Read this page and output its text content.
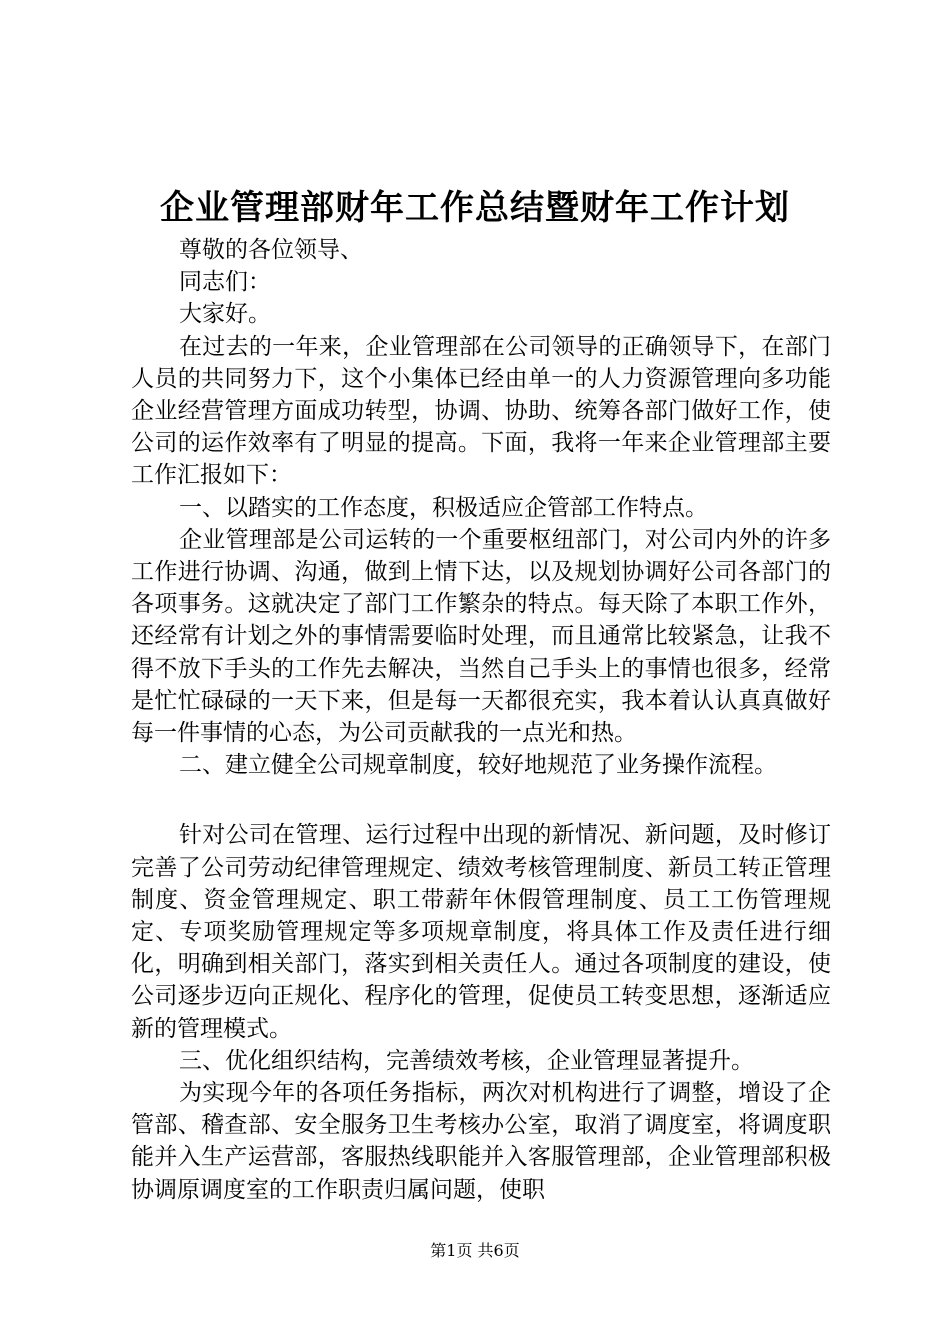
企业管理部财年工作总结暨财年工作计划

尊敬的各位领导、

同志们：

大家好。

在过去的一年来，企业管理部在公司领导的正确领导下，在部门人员的共同努力下，这个小集体已经由单一的人力资源管理向多功能企业经营管理方面成功转型，协调、协助、统筹各部门做好工作，使公司的运作效率有了明显的提高。下面，我将一年来企业管理部主要工作汇报如下：

一、以踏实的工作态度，积极适应企管部工作特点。

企业管理部是公司运转的一个重要枢纽部门，对公司内外的许多工作进行协调、沟通，做到上情下达，以及规划协调好公司各部门的各项事务。这就决定了部门工作繁杂的特点。每天除了本职工作外，还经常有计划之外的事情需要临时处理，而且通常比较紧急，让我不得不放下手头的工作先去解决，当然自己手头上的事情也很多，经常是忙忙碌碌的一天下来，但是每一天都很充实，我本着认认真真做好每一件事情的心态，为公司贡献我的一点光和热。

二、建立健全公司规章制度，较好地规范了业务操作流程。

针对公司在管理、运行过程中出现的新情况、新问题，及时修订完善了公司劳动纪律管理规定、绩效考核管理制度、新员工转正管理制度、资金管理规定、职工带薪年休假管理制度、员工工伤管理规定、专项奖励管理规定等多项规章制度，将具体工作及责任进行细化，明确到相关部门，落实到相关责任人。通过各项制度的建设，使公司逐步迈向正规化、程序化的管理，促使员工转变思想，逐渐适应新的管理模式。

三、优化组织结构，完善绩效考核，企业管理显著提升。

为实现今年的各项任务指标，两次对机构进行了调整，增设了企管部、稽查部、安全服务卫生考核办公室，取消了调度室，将调度职能并入生产运营部，客服热线职能并入客服管理部，企业管理部积极协调原调度室的工作职责归属问题，使职

第1页 共6页
